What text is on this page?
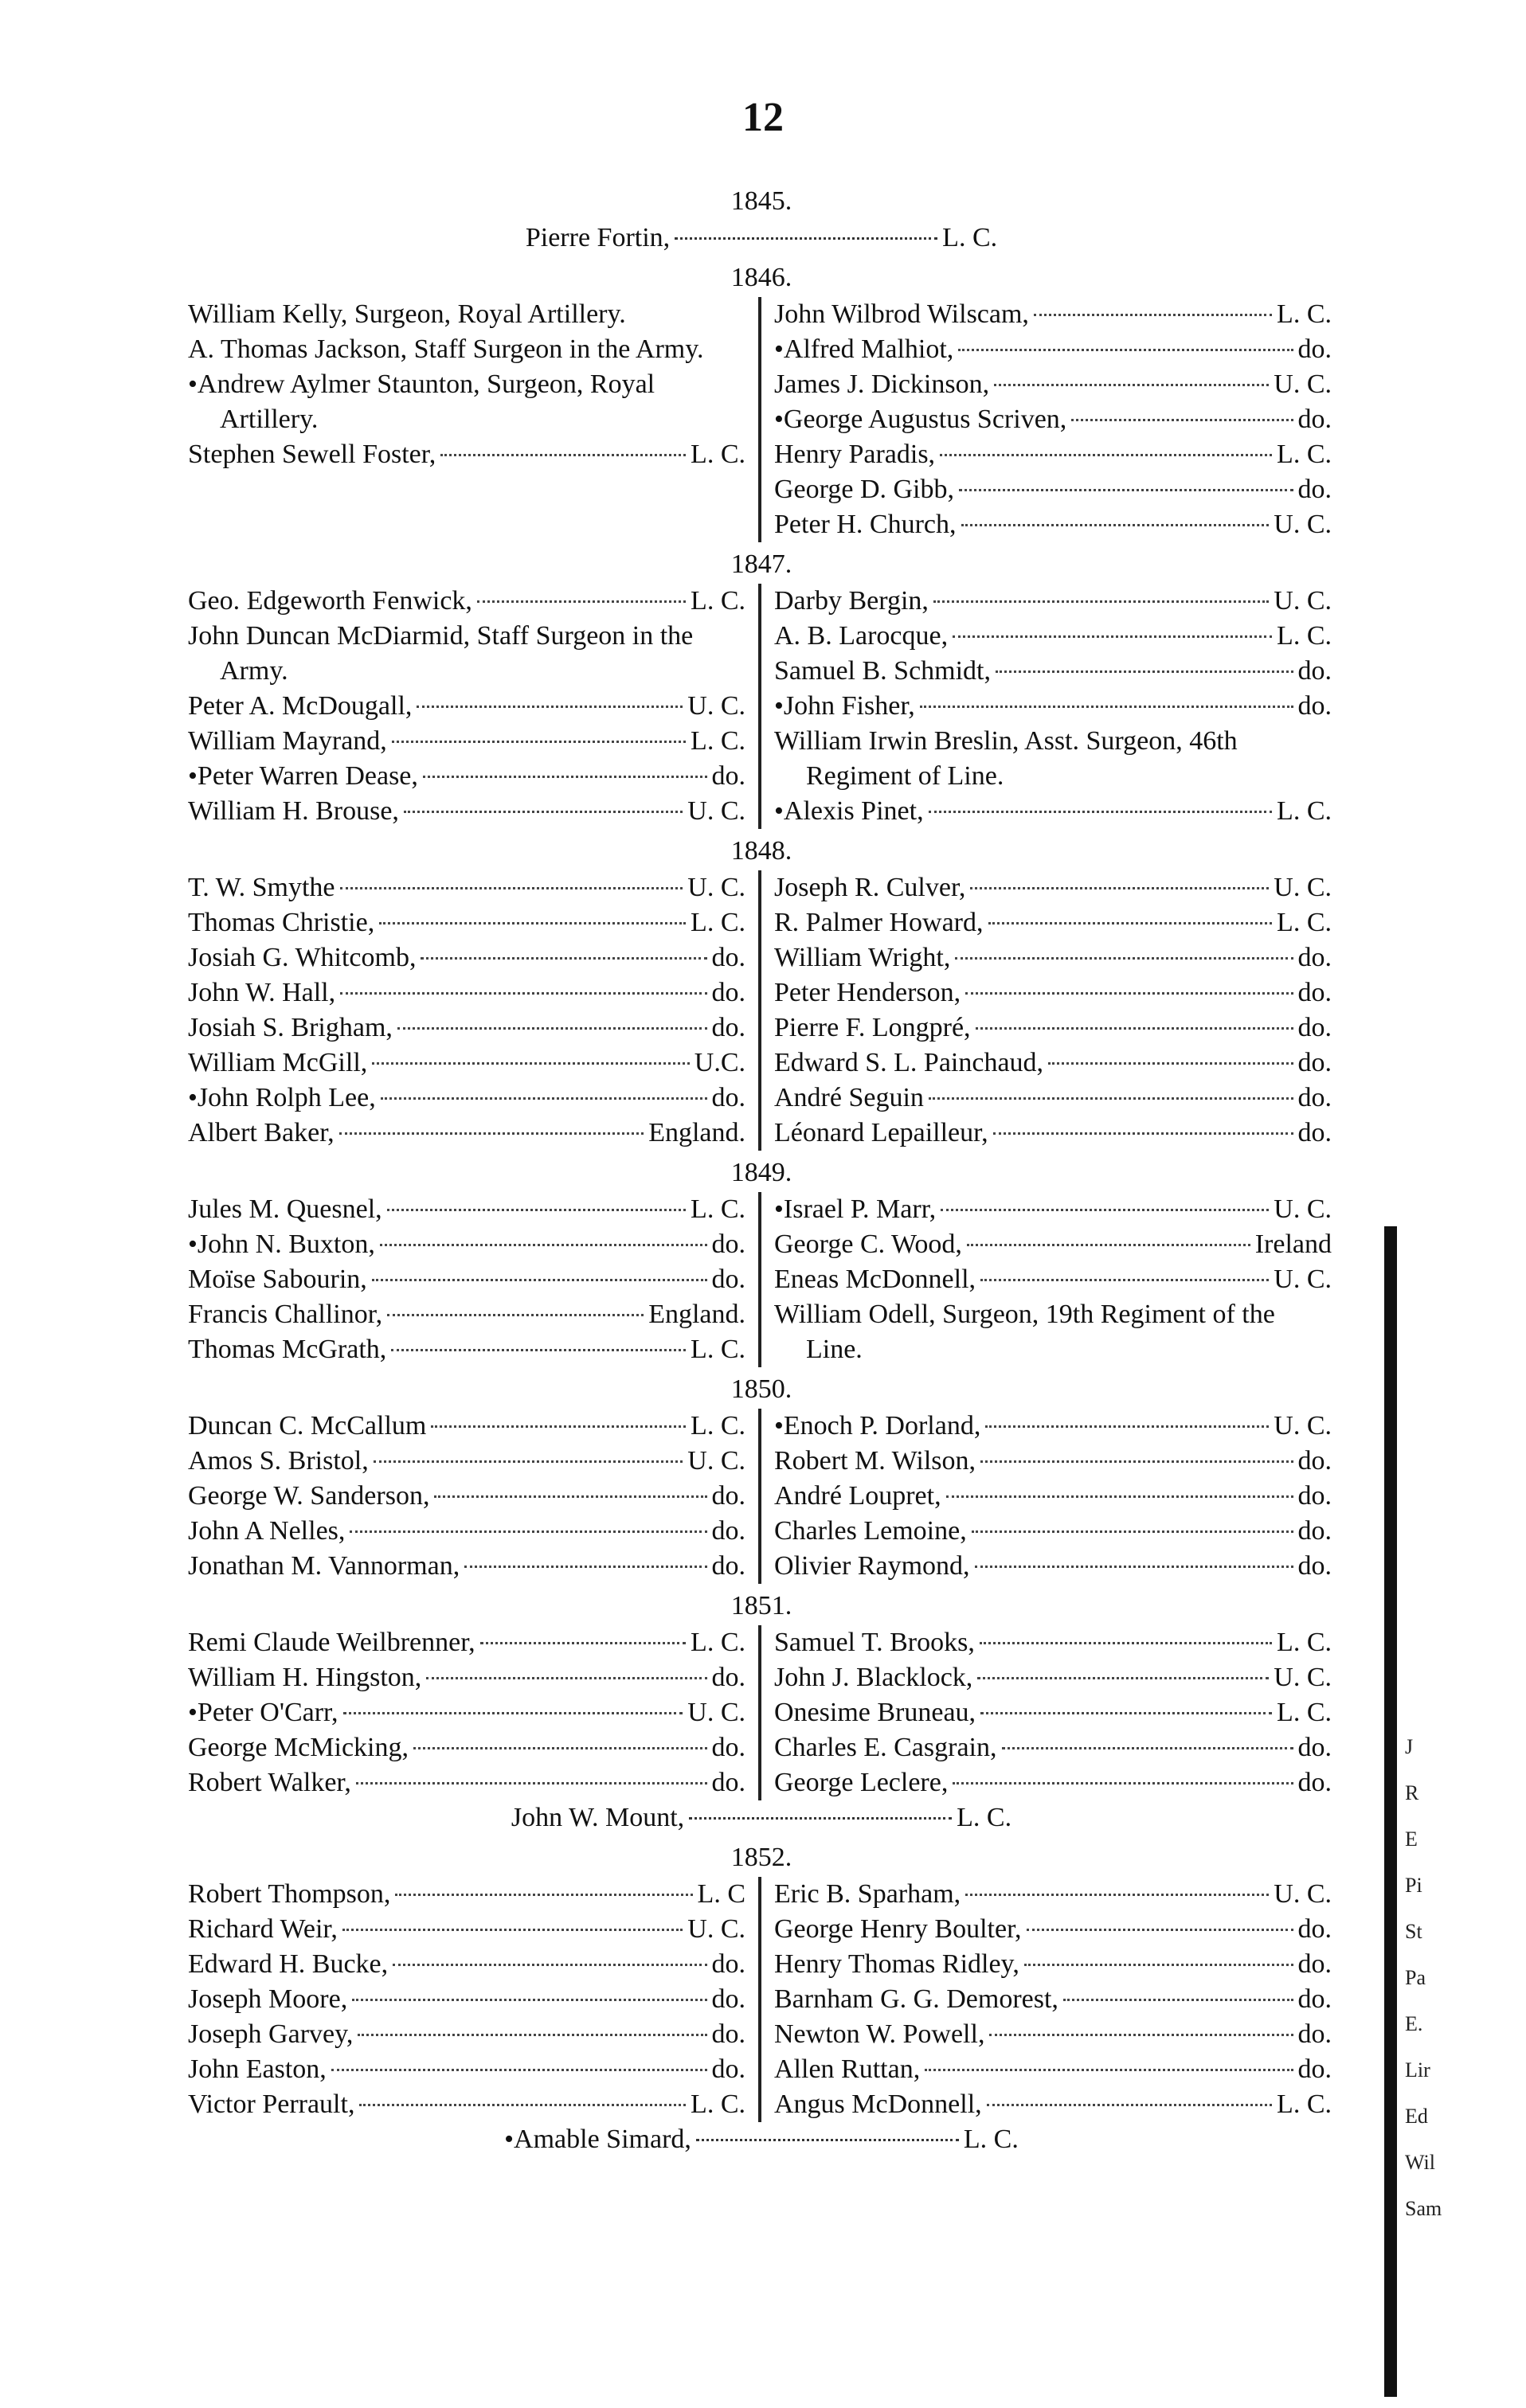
12
1845.
Pierre Fortin,	L. C.
1846.
William Kelly, Surgeon, Royal Artillery.
A. Thomas Jackson, Staff Surgeon in the Army.
•Andrew Aylmer Staunton, Surgeon, Royal Artillery.
Stephen Sewell Foster,	L. C.
John Wilbrod Wilscam,	L. C.
•Alfred Malhiot,	do.
James J. Dickinson,	U. C.
•George Augustus Scriven,	do.
Henry Paradis,	L. C.
George D. Gibb,	do.
Peter H. Church,	U. C.
1847.
Geo. Edgeworth Fenwick,	L. C.
John Duncan McDiarmid, Staff Surgeon in the Army.
Peter A. McDougall,	U. C.
William Mayrand,	L. C.
•Peter Warren Dease,	do.
William H. Brouse,	U. C.
Darby Bergin,	U. C.
A. B. Larocque,	L. C.
Samuel B. Schmidt,	do.
•John Fisher,	do.
William Irwin Breslin, Asst. Surgeon, 46th Regiment of Line.
•Alexis Pinet,	L. C.
1848.
T. W. Smythe	U. C.
Thomas Christie,	L. C.
Josiah G. Whitcomb,	do.
John W. Hall,	do.
Josiah S. Brigham,	do.
William McGill,	U.C.
•John Rolph Lee,	do.
Albert Baker,	England.
Joseph R. Culver,	U. C.
R. Palmer Howard,	L. C.
William Wright,	do.
Peter Henderson,	do.
Pierre F. Longpré,	do.
Edward S. L. Painchaud,	do.
André Seguin	do.
Léonard Lepailleur,	do.
1849.
Jules M. Quesnel,	L. C.
•John N. Buxton,	do.
Moïse Sabourin,	do.
Francis Challinor,	England.
Thomas McGrath,	L. C.
•Israel P. Marr,	U. C.
George C. Wood,	Ireland
Eneas McDonnell,	U. C.
William Odell, Surgeon, 19th Regiment of the Line.
1850.
Duncan C. McCallum	L. C.
Amos S. Bristol,	U. C.
George W. Sanderson,	do.
John A Nelles,	do.
Jonathan M. Vannorman,	do.
•Enoch P. Dorland,	U. C.
Robert M. Wilson,	do.
André Loupret,	do.
Charles Lemoine,	do.
Olivier Raymond,	do.
1851.
Remi Claude Weilbrenner,	L. C.
William H. Hingston,	do.
•Peter O'Carr,	U. C.
George McMicking,	do.
Robert Walker,	do.
Samuel T. Brooks,	L. C.
John J. Blacklock,	U. C.
Onesime Bruneau,	L. C.
Charles E. Casgrain,	do.
George Leclere,	do.
John W. Mount,	L. C.
1852.
Robert Thompson,	L. C
Richard Weir,	U. C.
Edward H. Bucke,	do.
Joseph Moore,	do.
Joseph Garvey,	do.
John Easton,	do.
Victor Perrault,	L. C.
Eric B. Sparham,	U. C.
George Henry Boulter,	do.
Henry Thomas Ridley,	do.
Barnham G. G. Demorest,	do.
Newton W. Powell,	do.
Allen Ruttan,	do.
Angus McDonnell,	L. C.
•Amable Simard,	L. C.
J
R
E
Pi
St
Pa
E.
Lir
Ed
Wil
Sam
